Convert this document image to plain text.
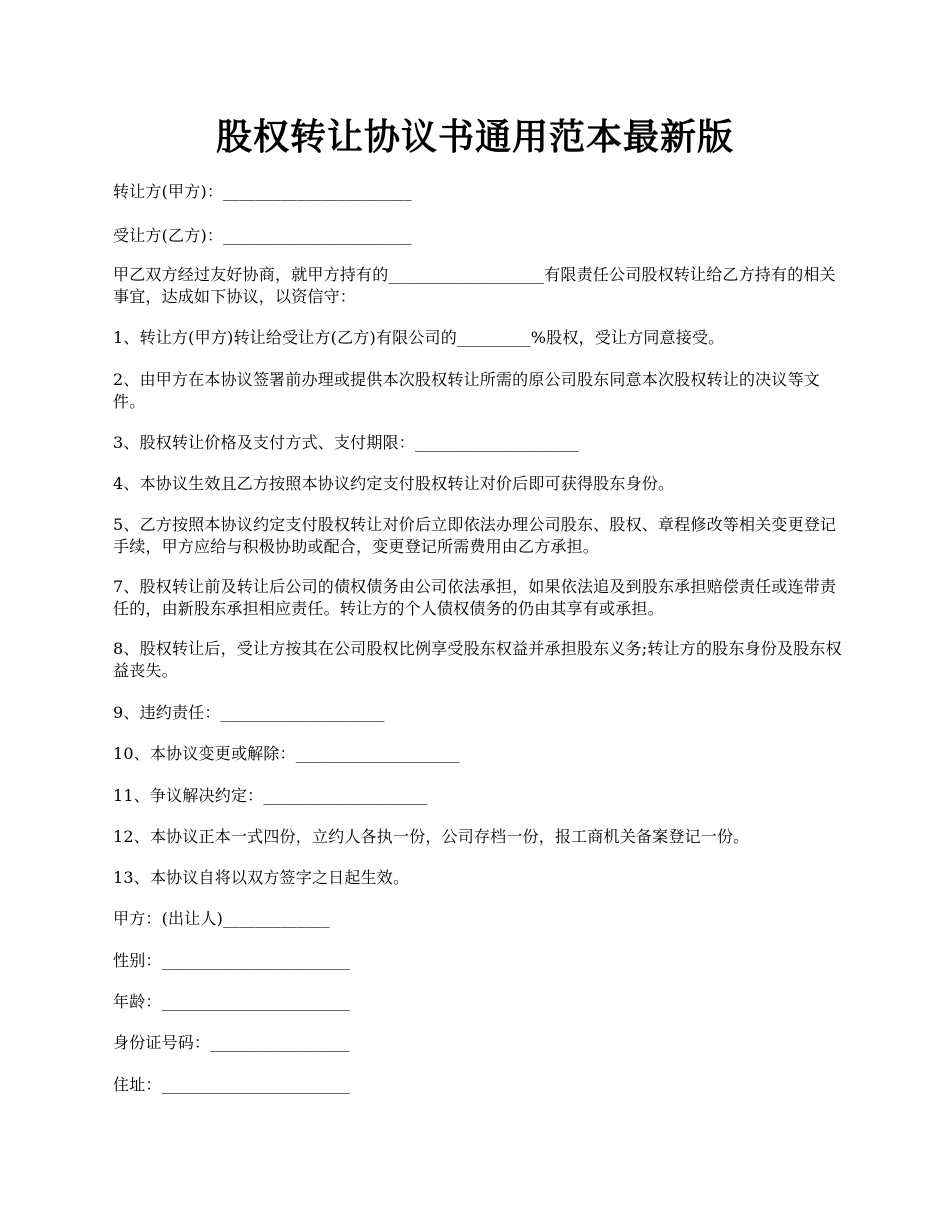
股权转让协议书通用范本最新版
转让方(甲方)：_______________________
受让方(乙方)：_______________________
甲乙双方经过友好协商，就甲方持有的___________________有限责任公司股权转让给乙方持有的相关事宜，达成如下协议，以资信守：
1、转让方(甲方)转让给受让方(乙方)有限公司的_________%股权，受让方同意接受。
2、由甲方在本协议签署前办理或提供本次股权转让所需的原公司股东同意本次股权转让的决议等文件。
3、股权转让价格及支付方式、支付期限：____________________
4、本协议生效且乙方按照本协议约定支付股权转让对价后即可获得股东身份。
5、乙方按照本协议约定支付股权转让对价后立即依法办理公司股东、股权、章程修改等相关变更登记手续，甲方应给与积极协助或配合，变更登记所需费用由乙方承担。
7、股权转让前及转让后公司的债权债务由公司依法承担，如果依法追及到股东承担赔偿责任或连带责任的，由新股东承担相应责任。转让方的个人债权债务的仍由其享有或承担。
8、股权转让后，受让方按其在公司股权比例享受股东权益并承担股东义务;转让方的股东身份及股东权益丧失。
9、违约责任：____________________
10、本协议变更或解除：____________________
11、争议解决约定：____________________
12、本协议正本一式四份，立约人各执一份，公司存档一份，报工商机关备案登记一份。
13、本协议自将以双方签字之日起生效。
甲方：(出让人)_____________
性别：_______________________
年龄：_______________________
身份证号码：_________________
住址：_______________________
